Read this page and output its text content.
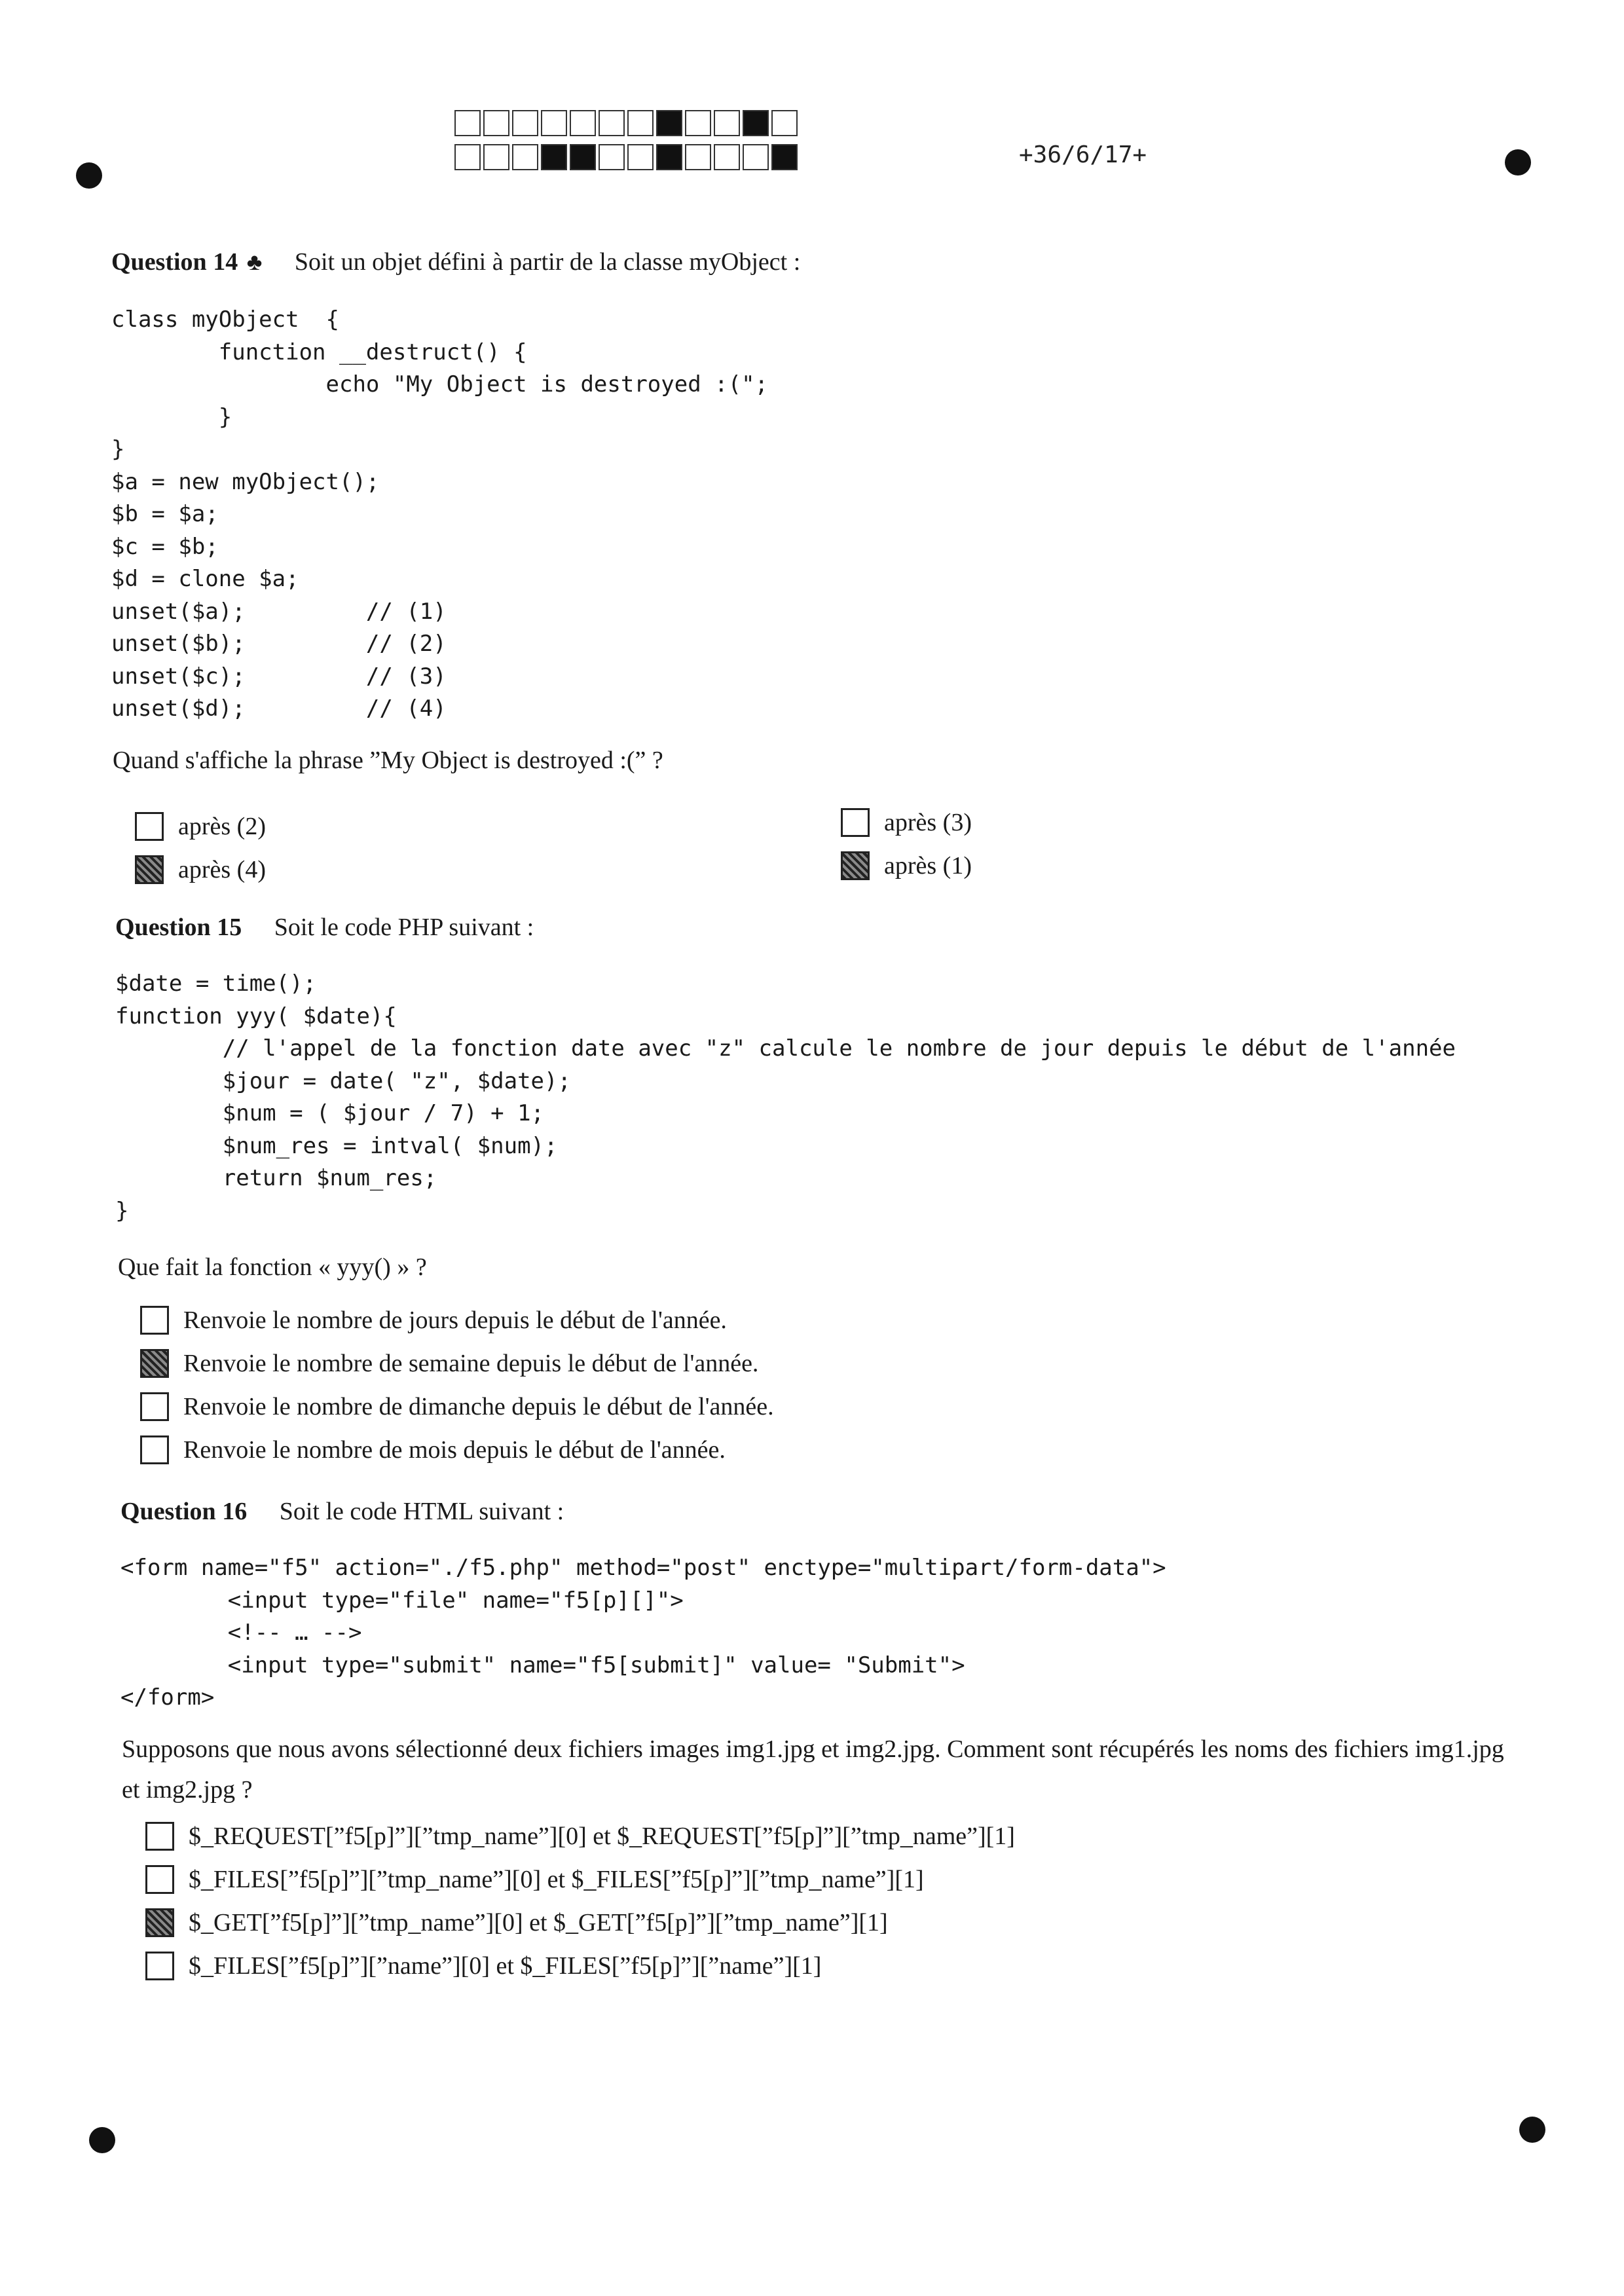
+36/6/17+
Question 14 ♣ Soit un objet défini à partir de la classe myObject :
class myObject  {
function __destruct() {
echo "My Object is destroyed :(";
}
}
$a = new myObject();
$b = $a;
$c = $b;
$d = clone $a;
unset($a);         // (1)
unset($b);         // (2)
unset($c);         // (3)
unset($d);         // (4)
Quand s'affiche la phrase ”My Object is destroyed :(” ?
après (2)
après (4)
après (3)
après (1)
Question 15 Soit le code PHP suivant :
$date = time();
function yyy( $date){
// l'appel de la fonction date avec "z" calcule le nombre de jour depuis le début de l'année
$jour = date( "z", $date);
$num = ( $jour / 7) + 1;
$num_res = intval( $num);
return $num_res;
}
Que fait la fonction « yyy() » ?
Renvoie le nombre de jours depuis le début de l'année.
Renvoie le nombre de semaine depuis le début de l'année.
Renvoie le nombre de dimanche depuis le début de l'année.
Renvoie le nombre de mois depuis le début de l'année.
Question 16 Soit le code HTML suivant :
<form name="f5" action="./f5.php" method="post" enctype="multipart/form-data">
<input type="file" name="f5[p][]">
<!-- … -->
<input type="submit" name="f5[submit]" value= "Submit">
</form>
Supposons que nous avons sélectionné deux fichiers images img1.jpg et img2.jpg. Comment sont récupérés les noms des fichiers img1.jpg et img2.jpg ?
$_REQUEST[”f5[p]”][”tmp_name”][0] et $_REQUEST[”f5[p]”][”tmp_name”][1]
$_FILES[”f5[p]”][”tmp_name”][0] et $_FILES[”f5[p]”][”tmp_name”][1]
$_GET[”f5[p]”][”tmp_name”][0] et $_GET[”f5[p]”][”tmp_name”][1]
$_FILES[”f5[p]”][”name”][0] et $_FILES[”f5[p]”][”name”][1]
